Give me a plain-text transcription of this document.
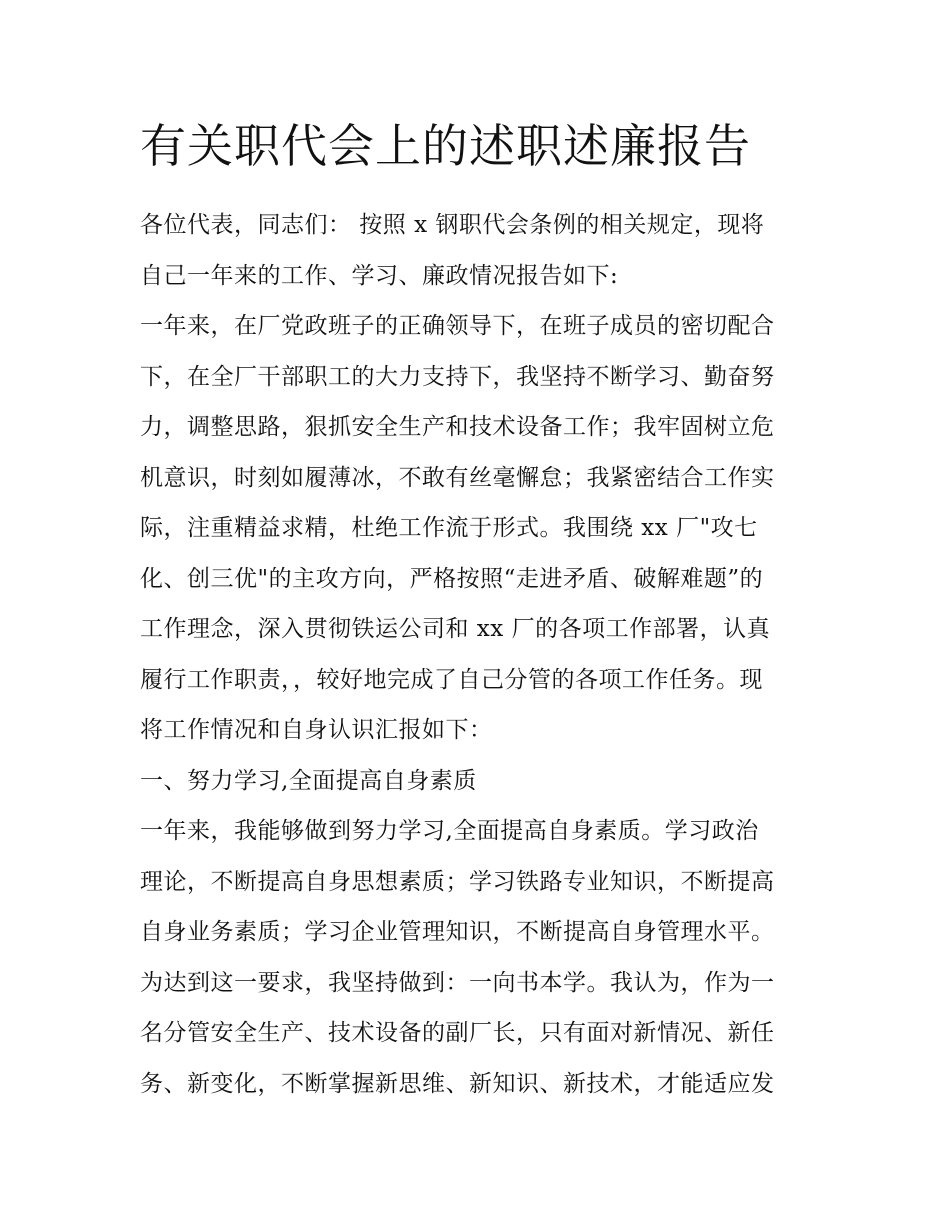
有关职代会上的述职述廉报告
各位代表，同志们： 按照 x 钢职代会条例的相关规定，现将
自己一年来的工作、学习、廉政情况报告如下:
一年来，在厂党政班子的正确领导下，在班子成员的密切配合
下，在全厂干部职工的大力支持下，我坚持不断学习、勤奋努
力，调整思路，狠抓安全生产和技术设备工作；我牢固树立危
机意识，时刻如履薄冰，不敢有丝毫懈怠；我紧密结合工作实
际，注重精益求精，杜绝工作流于形式。我围绕 xx 厂"攻七
化、创三优"的主攻方向，严格按照“走进矛盾、破解难题”的
工作理念，深入贯彻铁运公司和 xx 厂的各项工作部署，认真
履行工作职责，，较好地完成了自己分管的各项工作任务。现
将工作情况和自身认识汇报如下：
一、努力学习,全面提高自身素质
一年来，我能够做到努力学习,全面提高自身素质。学习政治
理论，不断提高自身思想素质；学习铁路专业知识，不断提高
自身业务素质；学习企业管理知识，不断提高自身管理水平。
为达到这一要求，我坚持做到：一向书本学。我认为，作为一
名分管安全生产、技术设备的副厂长，只有面对新情况、新任
务、新变化，不断掌握新思维、新知识、新技术，才能适应发
